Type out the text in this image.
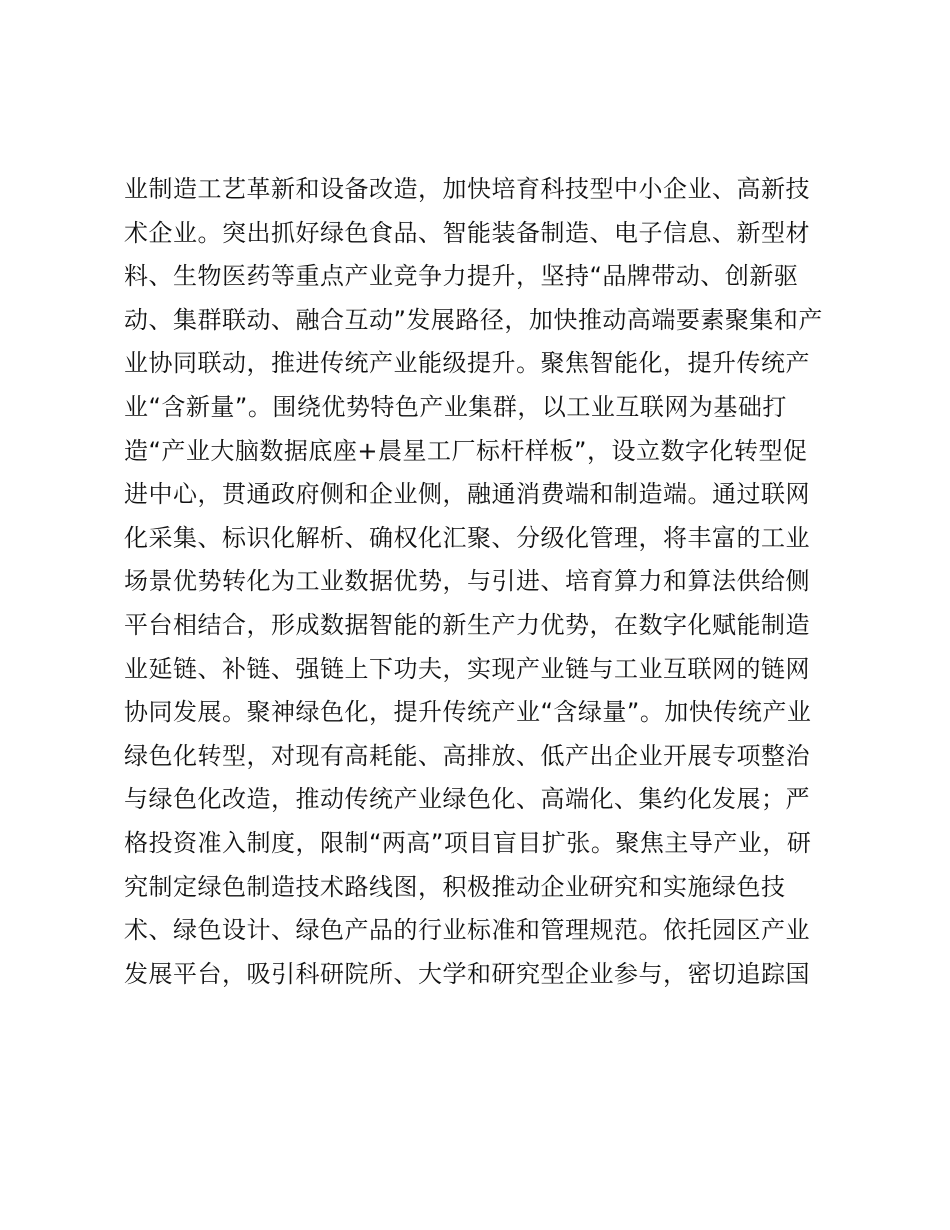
业制造工艺革新和设备改造，加快培育科技型中小企业、高新技
术企业。突出抓好绿色食品、智能装备制造、电子信息、新型材
料、生物医药等重点产业竞争力提升，坚持“品牌带动、创新驱
动、集群联动、融合互动”发展路径，加快推动高端要素聚集和产
业协同联动，推进传统产业能级提升。聚焦智能化，提升传统产
业“含新量”。围绕优势特色产业集群，以工业互联网为基础打
造“产业大脑数据底座+晨星工厂标杆样板”，设立数字化转型促
进中心，贯通政府侧和企业侧，融通消费端和制造端。通过联网
化采集、标识化解析、确权化汇聚、分级化管理，将丰富的工业
场景优势转化为工业数据优势，与引进、培育算力和算法供给侧
平台相结合，形成数据智能的新生产力优势，在数字化赋能制造
业延链、补链、强链上下功夫，实现产业链与工业互联网的链网
协同发展。聚神绿色化，提升传统产业“含绿量”。加快传统产业
绿色化转型，对现有高耗能、高排放、低产出企业开展专项整治
与绿色化改造，推动传统产业绿色化、高端化、集约化发展；严
格投资准入制度，限制“两高”项目盲目扩张。聚焦主导产业，研
究制定绿色制造技术路线图，积极推动企业研究和实施绿色技
术、绿色设计、绿色产品的行业标准和管理规范。依托园区产业
发展平台，吸引科研院所、大学和研究型企业参与，密切追踪国
